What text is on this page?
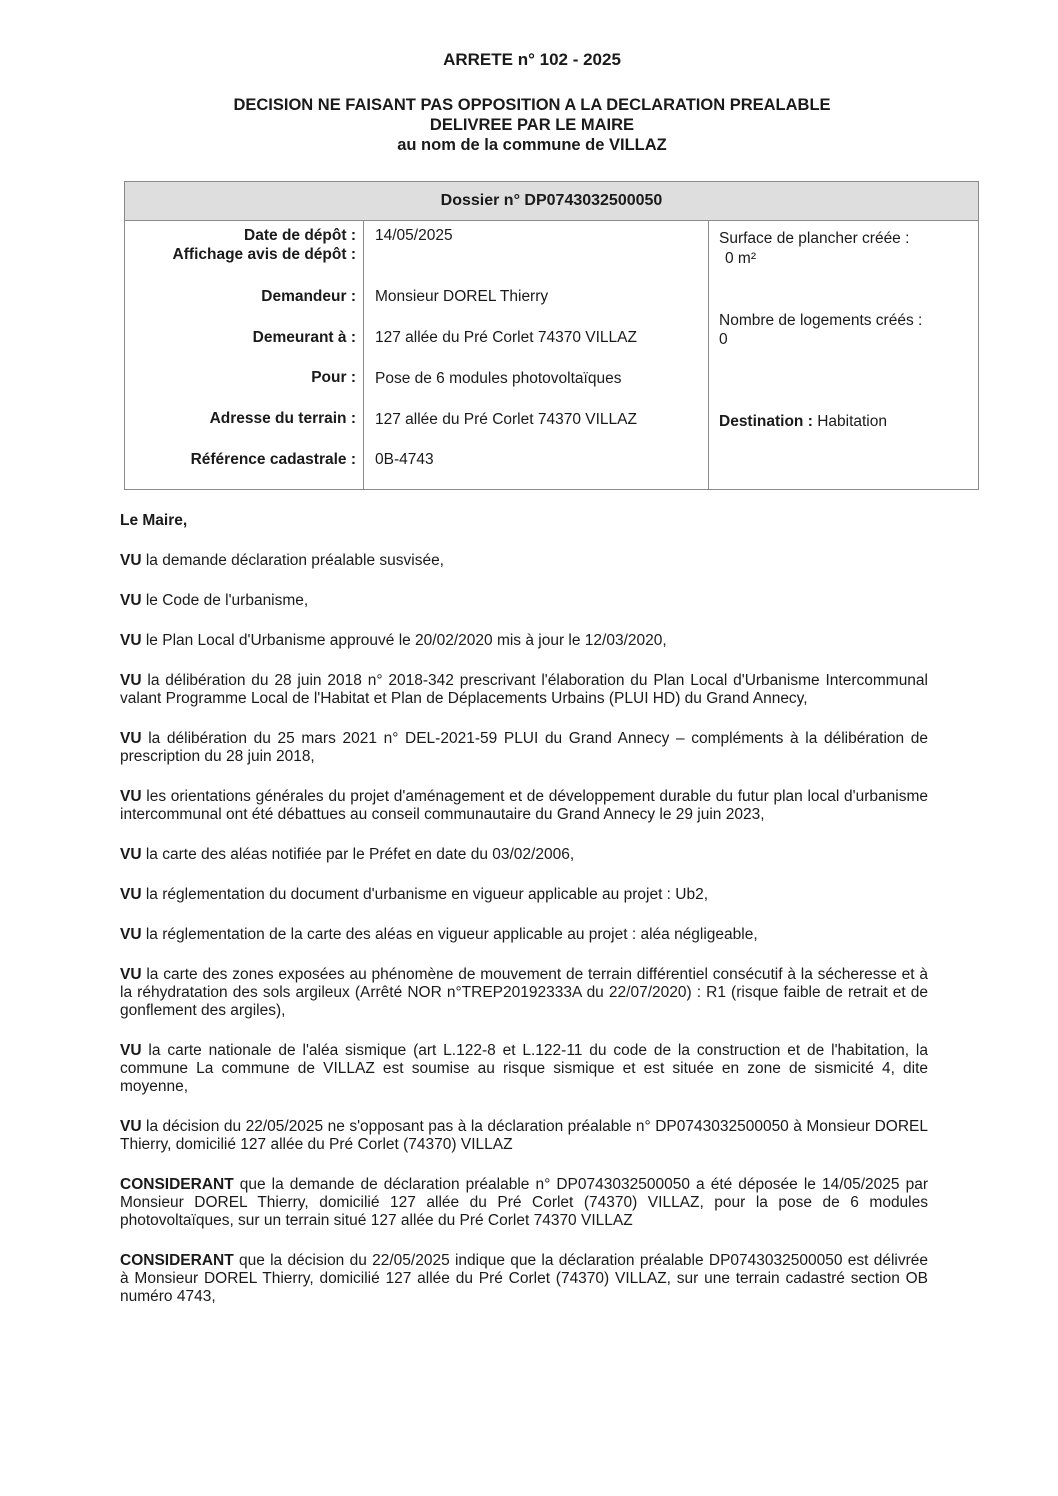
ARRETE n° 102 - 2025
DECISION NE FAISANT PAS OPPOSITION A LA DECLARATION PREALABLE
DELIVREE PAR LE MAIRE
au nom de la commune de VILLAZ
Dossier n° DP0743032500050
Date de dépôt :
Affichage avis de dépôt :
Demandeur :
Demeurant à :
Pour :
Adresse du terrain :
Référence cadastrale :
14/05/2025
Monsieur DOREL Thierry
127 allée du Pré Corlet 74370 VILLAZ
Pose de 6 modules photovoltaïques
127 allée du Pré Corlet 74370 VILLAZ
0B-4743
Surface de plancher créée :
0 m²
Nombre de logements créés :
0
Destination : Habitation

Le Maire,

VU la demande déclaration préalable susvisée,

VU le Code de l'urbanisme,

VU le Plan Local d'Urbanisme approuvé le 20/02/2020 mis à jour le 12/03/2020,

VU la délibération du 28 juin 2018 n° 2018-342 prescrivant l'élaboration du Plan Local d'Urbanisme Intercommunal valant Programme Local de l'Habitat et Plan de Déplacements Urbains (PLUI HD) du Grand Annecy,

VU la délibération du 25 mars 2021 n° DEL-2021-59 PLUI du Grand Annecy – compléments à la délibération de prescription du 28 juin 2018,

VU les orientations générales du projet d'aménagement et de développement durable du futur plan local d'urbanisme intercommunal ont été débattues au conseil communautaire du Grand Annecy le 29 juin 2023,

VU la carte des aléas notifiée par le Préfet en date du 03/02/2006,

VU la réglementation du document d'urbanisme en vigueur applicable au projet : Ub2,

VU la réglementation de la carte des aléas en vigueur applicable au projet : aléa négligeable,

VU la carte des zones exposées au phénomène de mouvement de terrain différentiel consécutif à la sécheresse et à la réhydratation des sols argileux (Arrêté NOR n°TREP20192333A du 22/07/2020) : R1 (risque faible de retrait et de gonflement des argiles),

VU la carte nationale de l'aléa sismique (art L.122-8 et L.122-11 du code de la construction et de l'habitation, la commune La commune de VILLAZ est soumise au risque sismique et est située en zone de sismicité 4, dite moyenne,

VU la décision du 22/05/2025 ne s'opposant pas à la déclaration préalable n° DP0743032500050 à Monsieur DOREL Thierry, domicilié 127 allée du Pré Corlet (74370) VILLAZ

CONSIDERANT que la demande de déclaration préalable n° DP0743032500050 a été déposée le 14/05/2025 par Monsieur DOREL Thierry, domicilié 127 allée du Pré Corlet (74370) VILLAZ, pour la pose de 6 modules photovoltaïques, sur un terrain situé 127 allée du Pré Corlet 74370 VILLAZ

CONSIDERANT que la décision du 22/05/2025 indique que la déclaration préalable DP0743032500050 est délivrée à Monsieur DOREL Thierry, domicilié 127 allée du Pré Corlet (74370) VILLAZ, sur une terrain cadastré section OB numéro 4743,
